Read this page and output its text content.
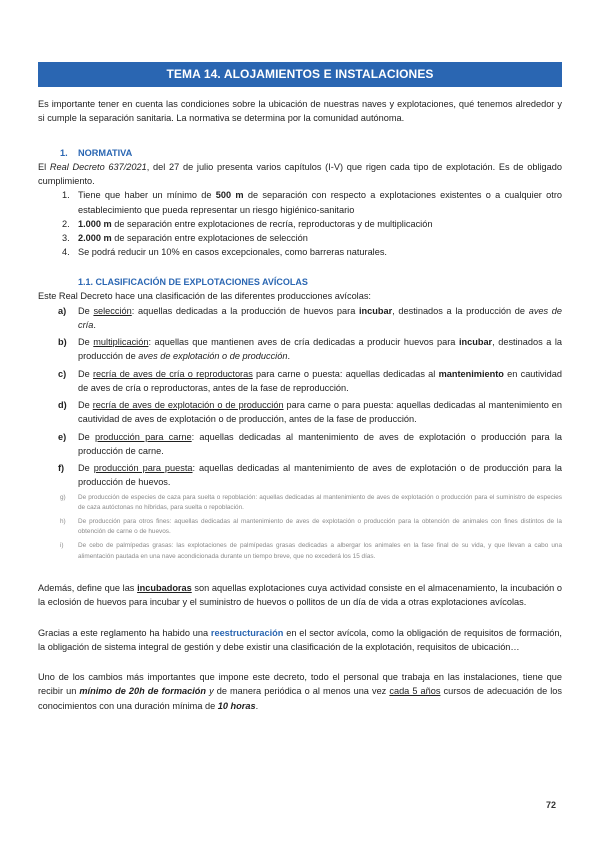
TEMA 14. ALOJAMIENTOS E INSTALACIONES

Es importante tener en cuenta las condiciones sobre la ubicación de nuestras naves y explotaciones, qué tenemos alrededor y si cumple la separación sanitaria. La normativa se determina por la comunidad autónoma.

1. NORMATIVA

El Real Decreto 637/2021, del 27 de julio presenta varios capítulos (I-V) que rigen cada tipo de explotación. Es de obligado cumplimiento.

1. Tiene que haber un mínimo de 500 m de separación con respecto a explotaciones existentes o a cualquier otro establecimiento que pueda representar un riesgo higiénico-sanitario
2. 1.000 m de separación entre explotaciones de recría, reproductoras y de multiplicación
3. 2.000 m de separación entre explotaciones de selección
4. Se podrá reducir un 10% en casos excepcionales, como barreras naturales.
1.1. CLASIFICACIÓN DE EXPLOTACIONES AVÍCOLAS

Este Real Decreto hace una clasificación de las diferentes producciones avícolas:

a) De selección: aquellas dedicadas a la producción de huevos para incubar, destinados a la producción de aves de cría.
b) De multiplicación: aquellas que mantienen aves de cría dedicadas a producir huevos para incubar, destinados a la producción de aves de explotación o de producción.
c) De recría de aves de cría o reproductoras para carne o puesta: aquellas dedicadas al mantenimiento en cautividad de aves de cría o reproductoras, antes de la fase de reproducción.
d) De recría de aves de explotación o de producción para carne o para puesta: aquellas dedicadas al mantenimiento en cautividad de aves de explotación o de producción, antes de la fase de producción.
e) De producción para carne: aquellas dedicadas al mantenimiento de aves de explotación o producción para la producción de carne.
f) De producción para puesta: aquellas dedicadas al mantenimiento de aves de explotación o de producción para la producción de huevos.
g) De producción de especies de caza para suelta o repoblación: aquellas dedicadas al mantenimiento de aves de explotación o producción para el suministro de especies de caza autóctonas no híbridas, para suelta o repoblación.
h) De producción para otros fines: aquellas dedicadas al mantenimiento de aves de explotación o producción para la obtención de animales con fines distintos de la obtención de carne o de huevos.
i) De cebo de palmípedas grasas: las explotaciones de palmípedas grasas dedicadas a albergar los animales en la fase final de su vida, y que llevan a cabo una alimentación pautada en una nave acondicionada durante un tiempo breve, que no excederá los 15 días.

Además, define que las incubadoras son aquellas explotaciones cuya actividad consiste en el almacenamiento, la incubación o la eclosión de huevos para incubar y el suministro de huevos o pollitos de un día de vida a otras explotaciones avícolas.

Gracias a este reglamento ha habido una reestructuración en el sector avícola, como la obligación de requisitos de formación, la obligación de sistema integral de gestión y debe existir una clasificación de la explotación, requisitos de ubicación…

Uno de los cambios más importantes que impone este decreto, todo el personal que trabaja en las instalaciones, tiene que recibir un mínimo de 20h de formación y de manera periódica o al menos una vez cada 5 años cursos de adecuación de los conocimientos con una duración mínima de 10 horas.

72
